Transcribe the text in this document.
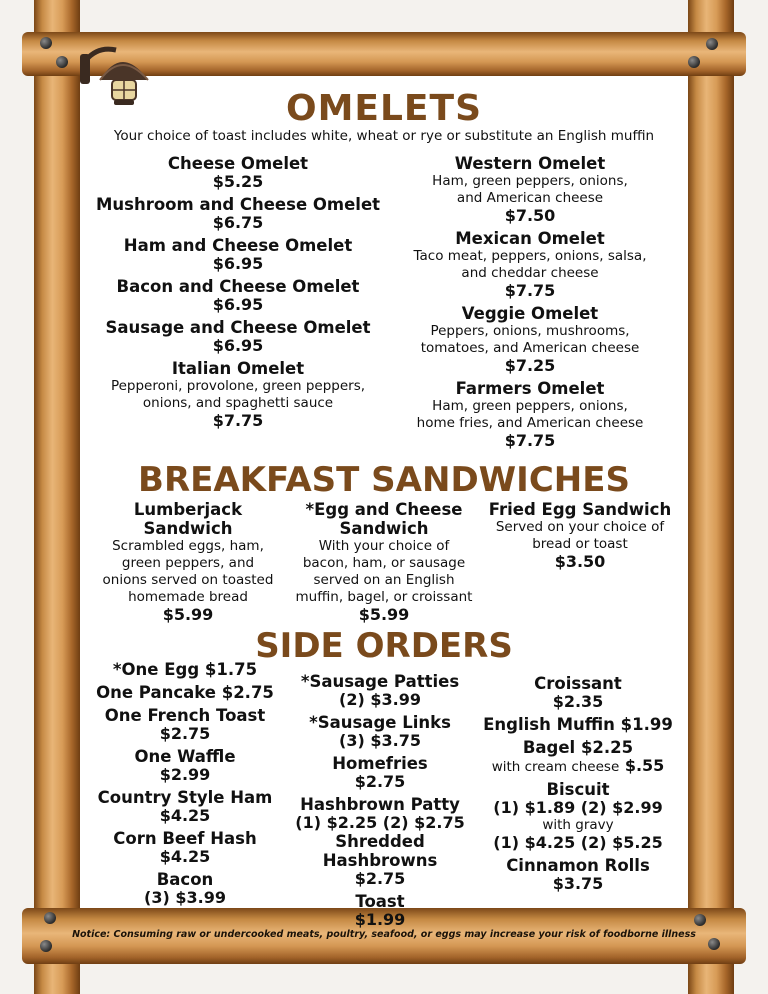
OMELETS
Your choice of toast includes white, wheat or rye or substitute an English muffin
Cheese Omelet
$5.25
Mushroom and Cheese Omelet
$6.75
Ham and Cheese Omelet
$6.95
Bacon and Cheese Omelet
$6.95
Sausage and Cheese Omelet
$6.95
Italian Omelet
Pepperoni, provolone, green peppers,
onions, and spaghetti sauce
$7.75
Western Omelet
Ham, green peppers, onions,
and American cheese
$7.50
Mexican Omelet
Taco meat, peppers, onions, salsa,
and cheddar cheese
$7.75
Veggie Omelet
Peppers, onions, mushrooms,
tomatoes, and American cheese
$7.25
Farmers Omelet
Ham, green peppers, onions,
home fries, and American cheese
$7.75
BREAKFAST SANDWICHES
Lumberjack Sandwich
Scrambled eggs, ham,
green peppers, and
onions served on toasted
homemade bread
$5.99
*Egg and Cheese
Sandwich
With your choice of
bacon, ham, or sausage
served on an English
muffin, bagel, or croissant
$5.99
Fried Egg Sandwich
Served on your choice of
bread or toast
$3.50
SIDE ORDERS
*One Egg $1.75
One Pancake $2.75
One French Toast
$2.75
One Waffle
$2.99
Country Style Ham
$4.25
Corn Beef Hash
$4.25
Bacon
(3) $3.99
*Sausage Patties
(2) $3.99
*Sausage Links
(3) $3.75
Homefries
$2.75
Hashbrown Patty
(1) $2.25 (2) $2.75
Shredded Hashbrowns
$2.75
Toast
$1.99
Croissant
$2.35
English Muffin $1.99
Bagel $2.25
with cream cheese $.55
Biscuit
(1) $1.89 (2) $2.99
with gravy
(1) $4.25 (2) $5.25
Cinnamon Rolls
$3.75
Notice: Consuming raw or undercooked meats, poultry, seafood, or eggs may increase your risk of foodborne illness
